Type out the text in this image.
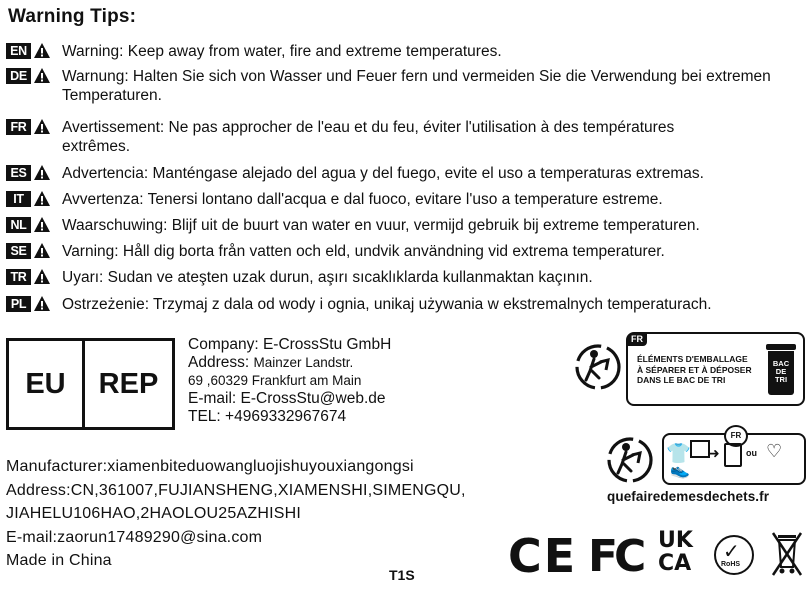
Warning Tips:
EN Warning: Keep away from water, fire and extreme temperatures.
DE Warnung: Halten Sie sich von Wasser und Feuer fern und vermeiden Sie die Verwendung bei extremen
Temperaturen.
FR Avertissement: Ne pas approcher de l'eau et du feu, éviter l'utilisation à des températures
extrêmes.
ES Advertencia: Manténgase alejado del agua y del fuego, evite el uso a temperaturas extremas.
IT	Avvertenza: Tenersi lontano dall'acqua e dal fuoco, evitare l'uso a temperature estreme.
NL Waarschuwing: Blijf uit de buurt van water en vuur, vermijd gebruik bij extreme temperaturen.
SE Varning: Håll dig borta från vatten och eld, undvik användning vid extrema temperaturer.
TR Uyarı: Sudan ve ateşten uzak durun, aşırı sıcaklıklarda kullanmaktan kaçının.
PL	Ostrzeżenie: Trzymaj z dala od wody i ognia, unikaj używania w ekstremalnych temperaturach.
EU	REP
Company: E-CrossStu GmbH
Address: Mainzer Landstr.
69 ,60329 Frankfurt am Main
E-mail: E-CrossStu@web.de
TEL: +4969332967674
Manufacturer:xiamenbiteduowangluojishuyouxiangongsi
Address:CN,361007,FUJIANSHENG,XIAMENSHI,SIMENGQU,
JIAHELU106HAO,2HAOLOU25AZHISHI
E-mail:zaorun17489290@sina.com
Made in China
T1S
FR
ÉLÉMENTS D'EMBALLAGE
À SÉPARER ET À DÉPOSER
DANS LE BAC DE TRI
BAC
DE
TRI
FR
👕
👟
➜	ou ♡
quefairedemesdechets.fr
CE FC UK
CA ✓
RoHS
